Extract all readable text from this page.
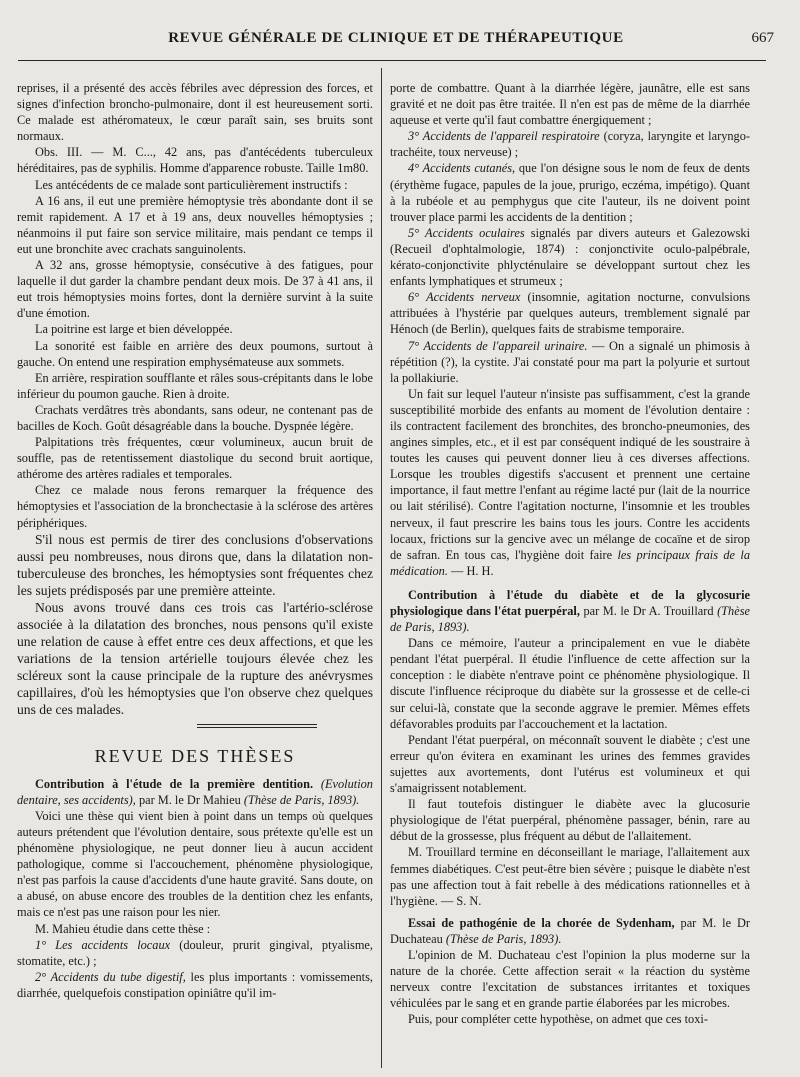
REVUE GÉNÉRALE DE CLINIQUE ET DE THÉRAPEUTIQUE	667

reprises, il a présenté des accès fébriles avec dépression des forces, et signes d'infection broncho-pulmonaire, dont il est heureusement sorti. Ce malade est athéromateux, le cœur paraît sain, ses bruits sont normaux.

Obs. III. — M. C..., 42 ans, pas d'antécédents tuberculeux héréditaires, pas de syphilis. Homme d'apparence robuste. Taille 1m80.

Les antécédents de ce malade sont particulièrement instructifs :

A 16 ans, il eut une première hémoptysie très abondante dont il se remit rapidement. A 17 et à 19 ans, deux nouvelles hémoptysies ; néanmoins il put faire son service militaire, mais pendant ce temps il eut une bronchite avec crachats sanguinolents.

A 32 ans, grosse hémoptysie, consécutive à des fatigues, pour laquelle il dut garder la chambre pendant deux mois. De 37 à 41 ans, il eut trois hémoptysies moins fortes, dont la dernière survint à la suite d'une émotion.

La poitrine est large et bien développée.

La sonorité est faible en arrière des deux poumons, surtout à gauche. On entend une respiration emphysémateuse aux sommets.

En arrière, respiration soufflante et râles sous-crépitants dans le lobe inférieur du poumon gauche. Rien à droite.

Crachats verdâtres très abondants, sans odeur, ne contenant pas de bacilles de Koch. Goût désagréable dans la bouche. Dyspnée légère.

Palpitations très fréquentes, cœur volumineux, aucun bruit de souffle, pas de retentissement diastolique du second bruit aortique, athérome des artères radiales et temporales.

Chez ce malade nous ferons remarquer la fréquence des hémoptysies et l'association de la bronchectasie à la sclérose des artères périphériques.

S'il nous est permis de tirer des conclusions d'observations aussi peu nombreuses, nous dirons que, dans la dilatation non-tuberculeuse des bronches, les hémoptysies sont fréquentes chez les sujets prédisposés par une première atteinte.

Nous avons trouvé dans ces trois cas l'artério-sclérose associée à la dilatation des bronches, nous pensons qu'il existe une relation de cause à effet entre ces deux affections, et que les variations de la tension artérielle toujours élevée chez les scléreux sont la cause principale de la rupture des anévrysmes capillaires, d'où les hémoptysies que l'on observe chez quelques uns de ces malades.

REVUE DES THÈSES

Contribution à l'étude de la première dentition. (Evolution dentaire, ses accidents), par M. le Dr Mahieu (Thèse de Paris, 1893).

Voici une thèse qui vient bien à point dans un temps où quelques auteurs prétendent que l'évolution dentaire, sous prétexte qu'elle est un phénomène physiologique, ne peut donner lieu à aucun accident pathologique, comme si l'accouchement, phénomène physiologique, n'est pas parfois la cause d'accidents d'une haute gravité. Sans doute, on a abusé, on abuse encore des troubles de la dentition chez les enfants, mais ce n'est pas une raison pour les nier.

M. Mahieu étudie dans cette thèse :

1° Les accidents locaux (douleur, prurit gingival, ptyalisme, stomatite, etc.) ;

2° Accidents du tube digestif, les plus importants : vomissements, diarrhée, quelquefois constipation opiniâtre qu'il im-

porte de combattre. Quant à la diarrhée légère, jaunâtre, elle est sans gravité et ne doit pas être traitée. Il n'en est pas de même de la diarrhée aqueuse et verte qu'il faut combattre énergiquement ;

3° Accidents de l'appareil respiratoire (coryza, laryngite et laryngo-trachéite, toux nerveuse) ;

4° Accidents cutanés, que l'on désigne sous le nom de feux de dents (érythème fugace, papules de la joue, prurigo, eczéma, impétigo). Quant à la rubéole et au pemphygus que cite l'auteur, ils ne doivent point trouver place parmi les accidents de la dentition ;

5° Accidents oculaires signalés par divers auteurs et Galezowski (Recueil d'ophtalmologie, 1874) : conjonctivite oculo-palpébrale, kérato-conjonctivite phlycténulaire se développant surtout chez les enfants lymphatiques et strumeux ;

6° Accidents nerveux (insomnie, agitation nocturne, convulsions attribuées à l'hystérie par quelques auteurs, tremblement signalé par Hénoch (de Berlin), quelques faits de strabisme temporaire.

7° Accidents de l'appareil urinaire. — On a signalé un phimosis à répétition (?), la cystite. J'ai constaté pour ma part la polyurie et surtout la pollakiurie.

Un fait sur lequel l'auteur n'insiste pas suffisamment, c'est la grande susceptibilité morbide des enfants au moment de l'évolution dentaire : ils contractent facilement des bronchites, des broncho-pneumonies, des angines simples, etc., et il est par conséquent indiqué de les soustraire à toutes les causes qui peuvent donner lieu à ces diverses affections. Lorsque les troubles digestifs s'accusent et prennent une certaine importance, il faut mettre l'enfant au régime lacté pur (lait de la nourrice ou lait stérilisé). Contre l'agitation nocturne, l'insomnie et les troubles nerveux, il faut prescrire les bains tous les jours. Contre les accidents locaux, frictions sur la gencive avec un mélange de cocaïne et de sirop de safran. En tous cas, l'hygiène doit faire les principaux frais de la médication. — H. H.

Contribution à l'étude du diabète et de la glycosurie physiologique dans l'état puerpéral, par M. le Dr A. Trouillard (Thèse de Paris, 1893).

Dans ce mémoire, l'auteur a principalement en vue le diabète pendant l'état puerpéral. Il étudie l'influence de cette affection sur la conception : le diabète n'entrave point ce phénomène physiologique. Il discute l'influence réciproque du diabète sur la grossesse et de celle-ci sur celui-là, constate que la seconde aggrave le premier. Mêmes effets défavorables produits par l'accouchement et la lactation.

Pendant l'état puerpéral, on méconnaît souvent le diabète ; c'est une erreur qu'on évitera en examinant les urines des femmes gravides sujettes aux avortements, dont l'utérus est volumineux et qui s'amaigrissent notablement.

Il faut toutefois distinguer le diabète avec la glucosurie physiologique de l'état puerpéral, phénomène passager, bénin, rare au début de la grossesse, plus fréquent au début de l'allaitement.

M. Trouillard termine en déconseillant le mariage, l'allaitement aux femmes diabétiques. C'est peut-être bien sévère ; puisque le diabète n'est pas une affection tout à fait rebelle à des médications rationnelles et à l'hygiène. — S. N.

Essai de pathogénie de la chorée de Sydenham, par M. le Dr Duchateau (Thèse de Paris, 1893).

L'opinion de M. Duchateau c'est l'opinion la plus moderne sur la nature de la chorée. Cette affection serait « la réaction du système nerveux contre l'excitation de substances irritantes et toxiques véhiculées par le sang et en grande partie élaborées par les microbes.

Puis, pour compléter cette hypothèse, on admet que ces toxi-
